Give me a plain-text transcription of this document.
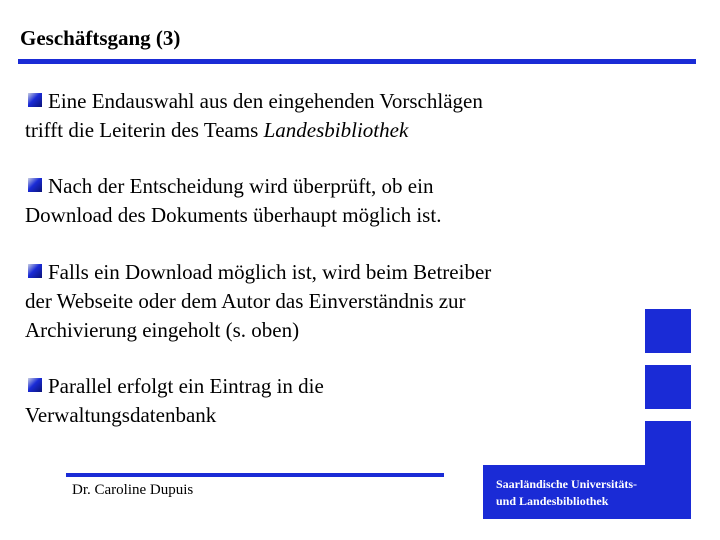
Geschäftsgang (3)
Eine Endauswahl aus den eingehenden Vorschlägen
trifft die Leiterin des Teams Landesbibliothek
Nach der Entscheidung wird überprüft, ob ein
Download des Dokuments überhaupt möglich ist.
Falls ein Download möglich ist, wird beim Betreiber
der Webseite oder dem Autor das Einverständnis zur
Archivierung eingeholt (s. oben)
Parallel erfolgt ein Eintrag in die
Verwaltungsdatenbank
Dr. Caroline Dupuis	Saarländische Universitäts-
und Landesbibliothek
